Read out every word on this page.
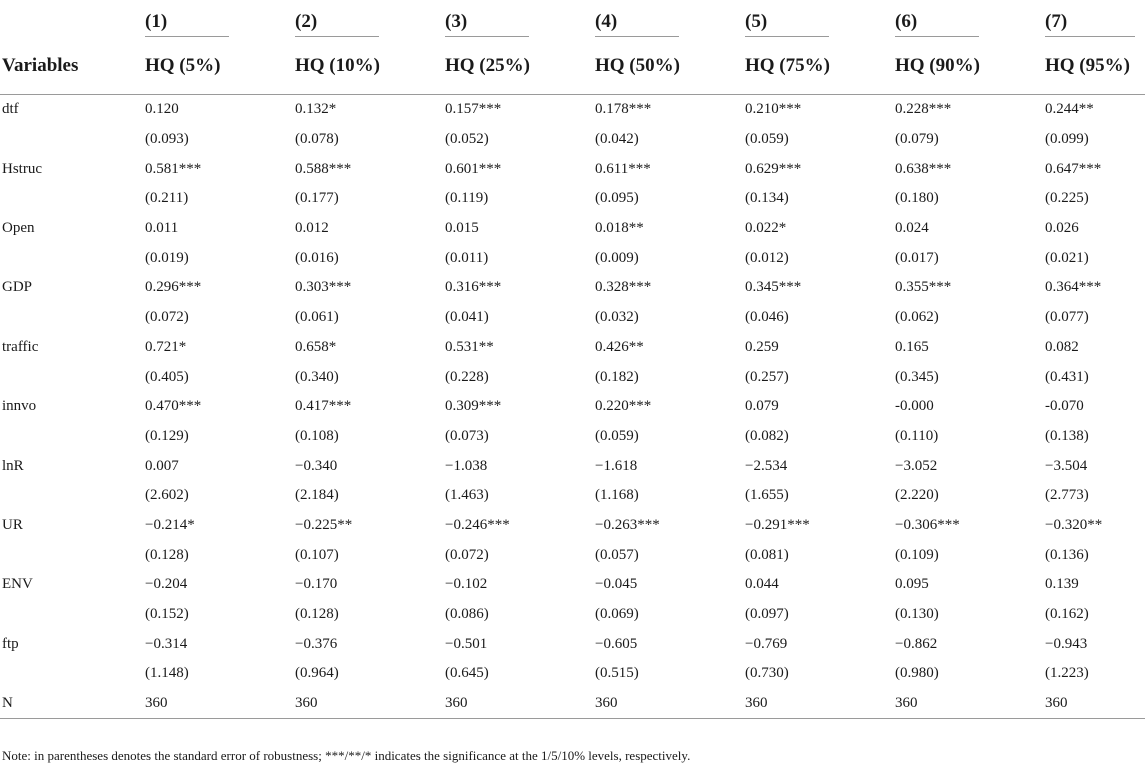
	(1)	(2)	(3)	(4)	(5)	(6)	(7)

Variables	HQ (5%)	HQ (10%)	HQ (25%)	HQ (50%)	HQ (75%)	HQ (90%)	HQ (95%)
dtf	0.120	0.132*	0.157***	0.178***	0.210***	0.228***	0.244**
	(0.093)	(0.078)	(0.052)	(0.042)	(0.059)	(0.079)	(0.099)
Hstruc	0.581***	0.588***	0.601***	0.611***	0.629***	0.638***	0.647***
	(0.211)	(0.177)	(0.119)	(0.095)	(0.134)	(0.180)	(0.225)
Open	0.011	0.012	0.015	0.018**	0.022*	0.024	0.026
	(0.019)	(0.016)	(0.011)	(0.009)	(0.012)	(0.017)	(0.021)
GDP	0.296***	0.303***	0.316***	0.328***	0.345***	0.355***	0.364***
	(0.072)	(0.061)	(0.041)	(0.032)	(0.046)	(0.062)	(0.077)
traffic	0.721*	0.658*	0.531**	0.426**	0.259	0.165	0.082
	(0.405)	(0.340)	(0.228)	(0.182)	(0.257)	(0.345)	(0.431)
innvo	0.470***	0.417***	0.309***	0.220***	0.079	-0.000	-0.070
	(0.129)	(0.108)	(0.073)	(0.059)	(0.082)	(0.110)	(0.138)
lnR	0.007	−0.340	−1.038	−1.618	−2.534	−3.052	−3.504
	(2.602)	(2.184)	(1.463)	(1.168)	(1.655)	(2.220)	(2.773)
UR	−0.214*	−0.225**	−0.246***	−0.263***	−0.291***	−0.306***	−0.320**
	(0.128)	(0.107)	(0.072)	(0.057)	(0.081)	(0.109)	(0.136)
ENV	−0.204	−0.170	−0.102	−0.045	0.044	0.095	0.139
	(0.152)	(0.128)	(0.086)	(0.069)	(0.097)	(0.130)	(0.162)
ftp	−0.314	−0.376	−0.501	−0.605	−0.769	−0.862	−0.943
	(1.148)	(0.964)	(0.645)	(0.515)	(0.730)	(0.980)	(1.223)
N	360	360	360	360	360	360	360
Note: in parentheses denotes the standard error of robustness; ***/**/* indicates the significance at the 1/5/10% levels, respectively.
